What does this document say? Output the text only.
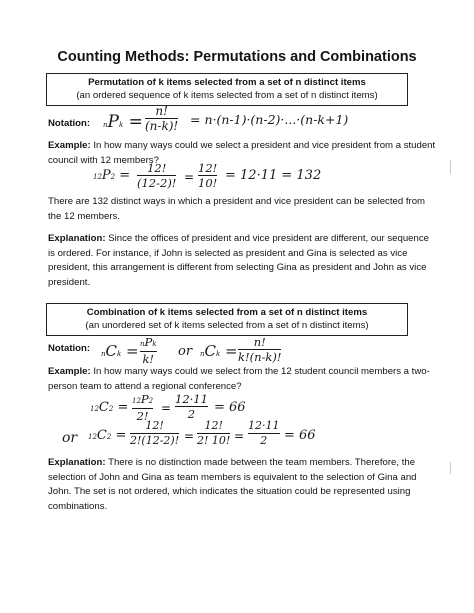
Counting Methods: Permutations and Combinations
Permutation of k items selected from a set of n distinct items
(an ordered sequence of k items selected from a set of n distinct items)
Notation: nPk =
n!
(n-k)! = n·(n-1)·(n-2)·...·(n-k+1)
Example: In how many ways could we select a president and vice president from a student council with 12 members?
12P2 = 12!
(12-2)! =
12!
10! = 12·11 = 132
There are 132 distinct ways in which a president and vice president can be selected from the 12 members.
Explanation: Since the offices of president and vice president are different, our sequence is ordered. For instance, if John is selected as president and Gina is selected as vice president, this arrangement is different from selecting Gina as president and John as vice president.
Combination of k items selected from a set of n distinct items
(an unordered set of k items selected from a set of n distinct items)
Notation: nCk = nPk
k! or nCk = n!
k!(n-k)!
Example: In how many ways could we select from the 12 student council members a two-person team to attend a regional conference?
12C2 = 12P2
2!
=
12·11
2 = 66
or 12C2 =
12!
2!(12-2)! =
12!
2! 10! =
12·11
2 = 66
Explanation: There is no distinction made between the team members. Therefore, the selection of John and Gina as team members is equivalent to the selection of Gina and John. The set is not ordered, which indicates the situation could be represented using combinations.
